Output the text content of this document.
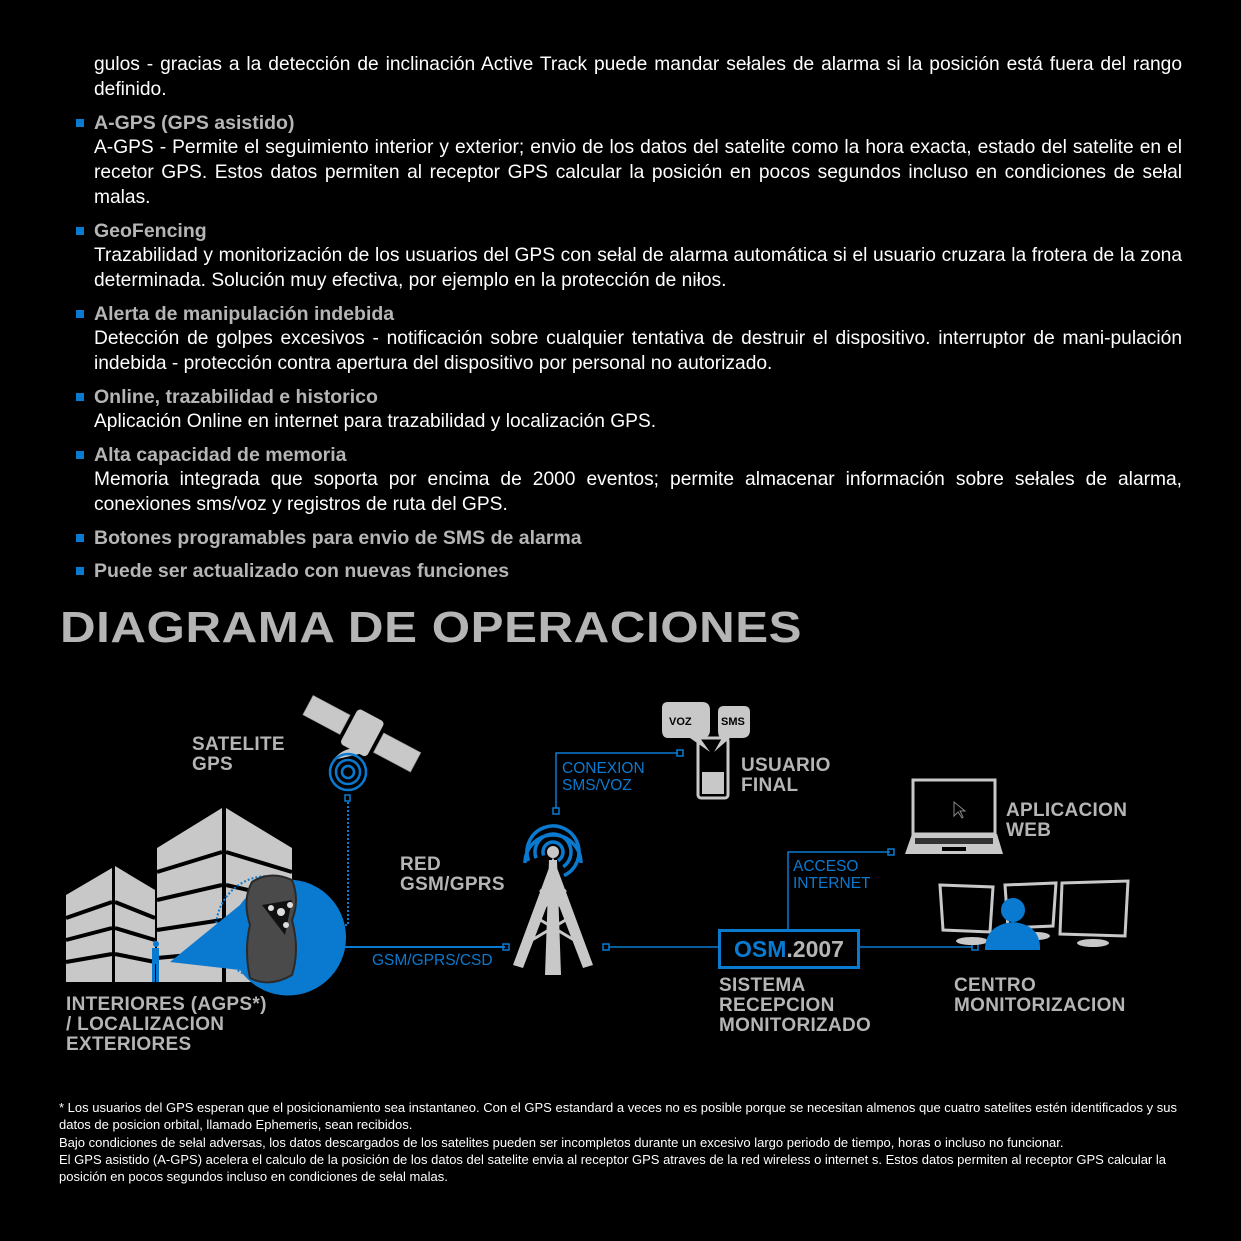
gulos - gracias a la detección de inclinación Active Track puede mandar sełales de alarma si la posición está fuera del rango definido.
A-GPS (GPS asistido)
A-GPS - Permite el seguimiento interior y exterior; envio de los datos del satelite como la hora exacta, estado del satelite en el recetor GPS. Estos datos permiten al receptor GPS calcular la posición en pocos segundos incluso en condiciones de sełal malas.
GeoFencing
Trazabilidad y monitorización de los usuarios del GPS con sełal de alarma automática si el usuario cruzara la frotera de la zona determinada. Solución muy efectiva, por ejemplo en la protección de niłos.
Alerta de manipulación indebida
Detección de golpes excesivos - notificación sobre cualquier tentativa de destruir el dispositivo. interruptor de mani-pulación indebida - protección contra apertura del dispositivo por personal no autorizado.
Online, trazabilidad e historico
Aplicación Online en internet para trazabilidad y localización GPS.
Alta capacidad de memoria
Memoria integrada que soporta por encima de 2000 eventos; permite almacenar información sobre sełales de alarma, conexiones sms/voz y registros de ruta del GPS.
Botones programables para envio de SMS de alarma
Puede ser actualizado con nuevas funciones
DIAGRAMA DE OPERACIONES
SATELITE
GPS
RED
GSM/GPRS
USUARIO
FINAL
APLICACION
WEB
INTERIORES (AGPS*)
/ LOCALIZACION
EXTERIORES
SISTEMA
RECEPCION
MONITORIZADO
CENTRO
MONITORIZACION
GSM/GPRS/CSD
CONEXION
SMS/VOZ
ACCESO
INTERNET
VOZ	SMS
OSM.2007
* Los usuarios del GPS esperan que el posicionamiento sea instantaneo. Con el GPS estandard a veces no es posible porque se necesitan almenos que cuatro satelites estén identificados y sus datos de posicion orbital, llamado Ephemeris, sean recibidos.
Bajo condiciones de sełal adversas, los datos descargados de los satelites pueden ser incompletos durante un excesivo largo periodo de tiempo, horas o incluso no funcionar.
El GPS asistido (A-GPS) acelera el calculo de la posición de los datos del satelite envia al receptor GPS atraves de la red wireless o internet s. Estos datos permiten al receptor GPS calcular la posición en pocos segundos incluso en condiciones de sełal malas.
